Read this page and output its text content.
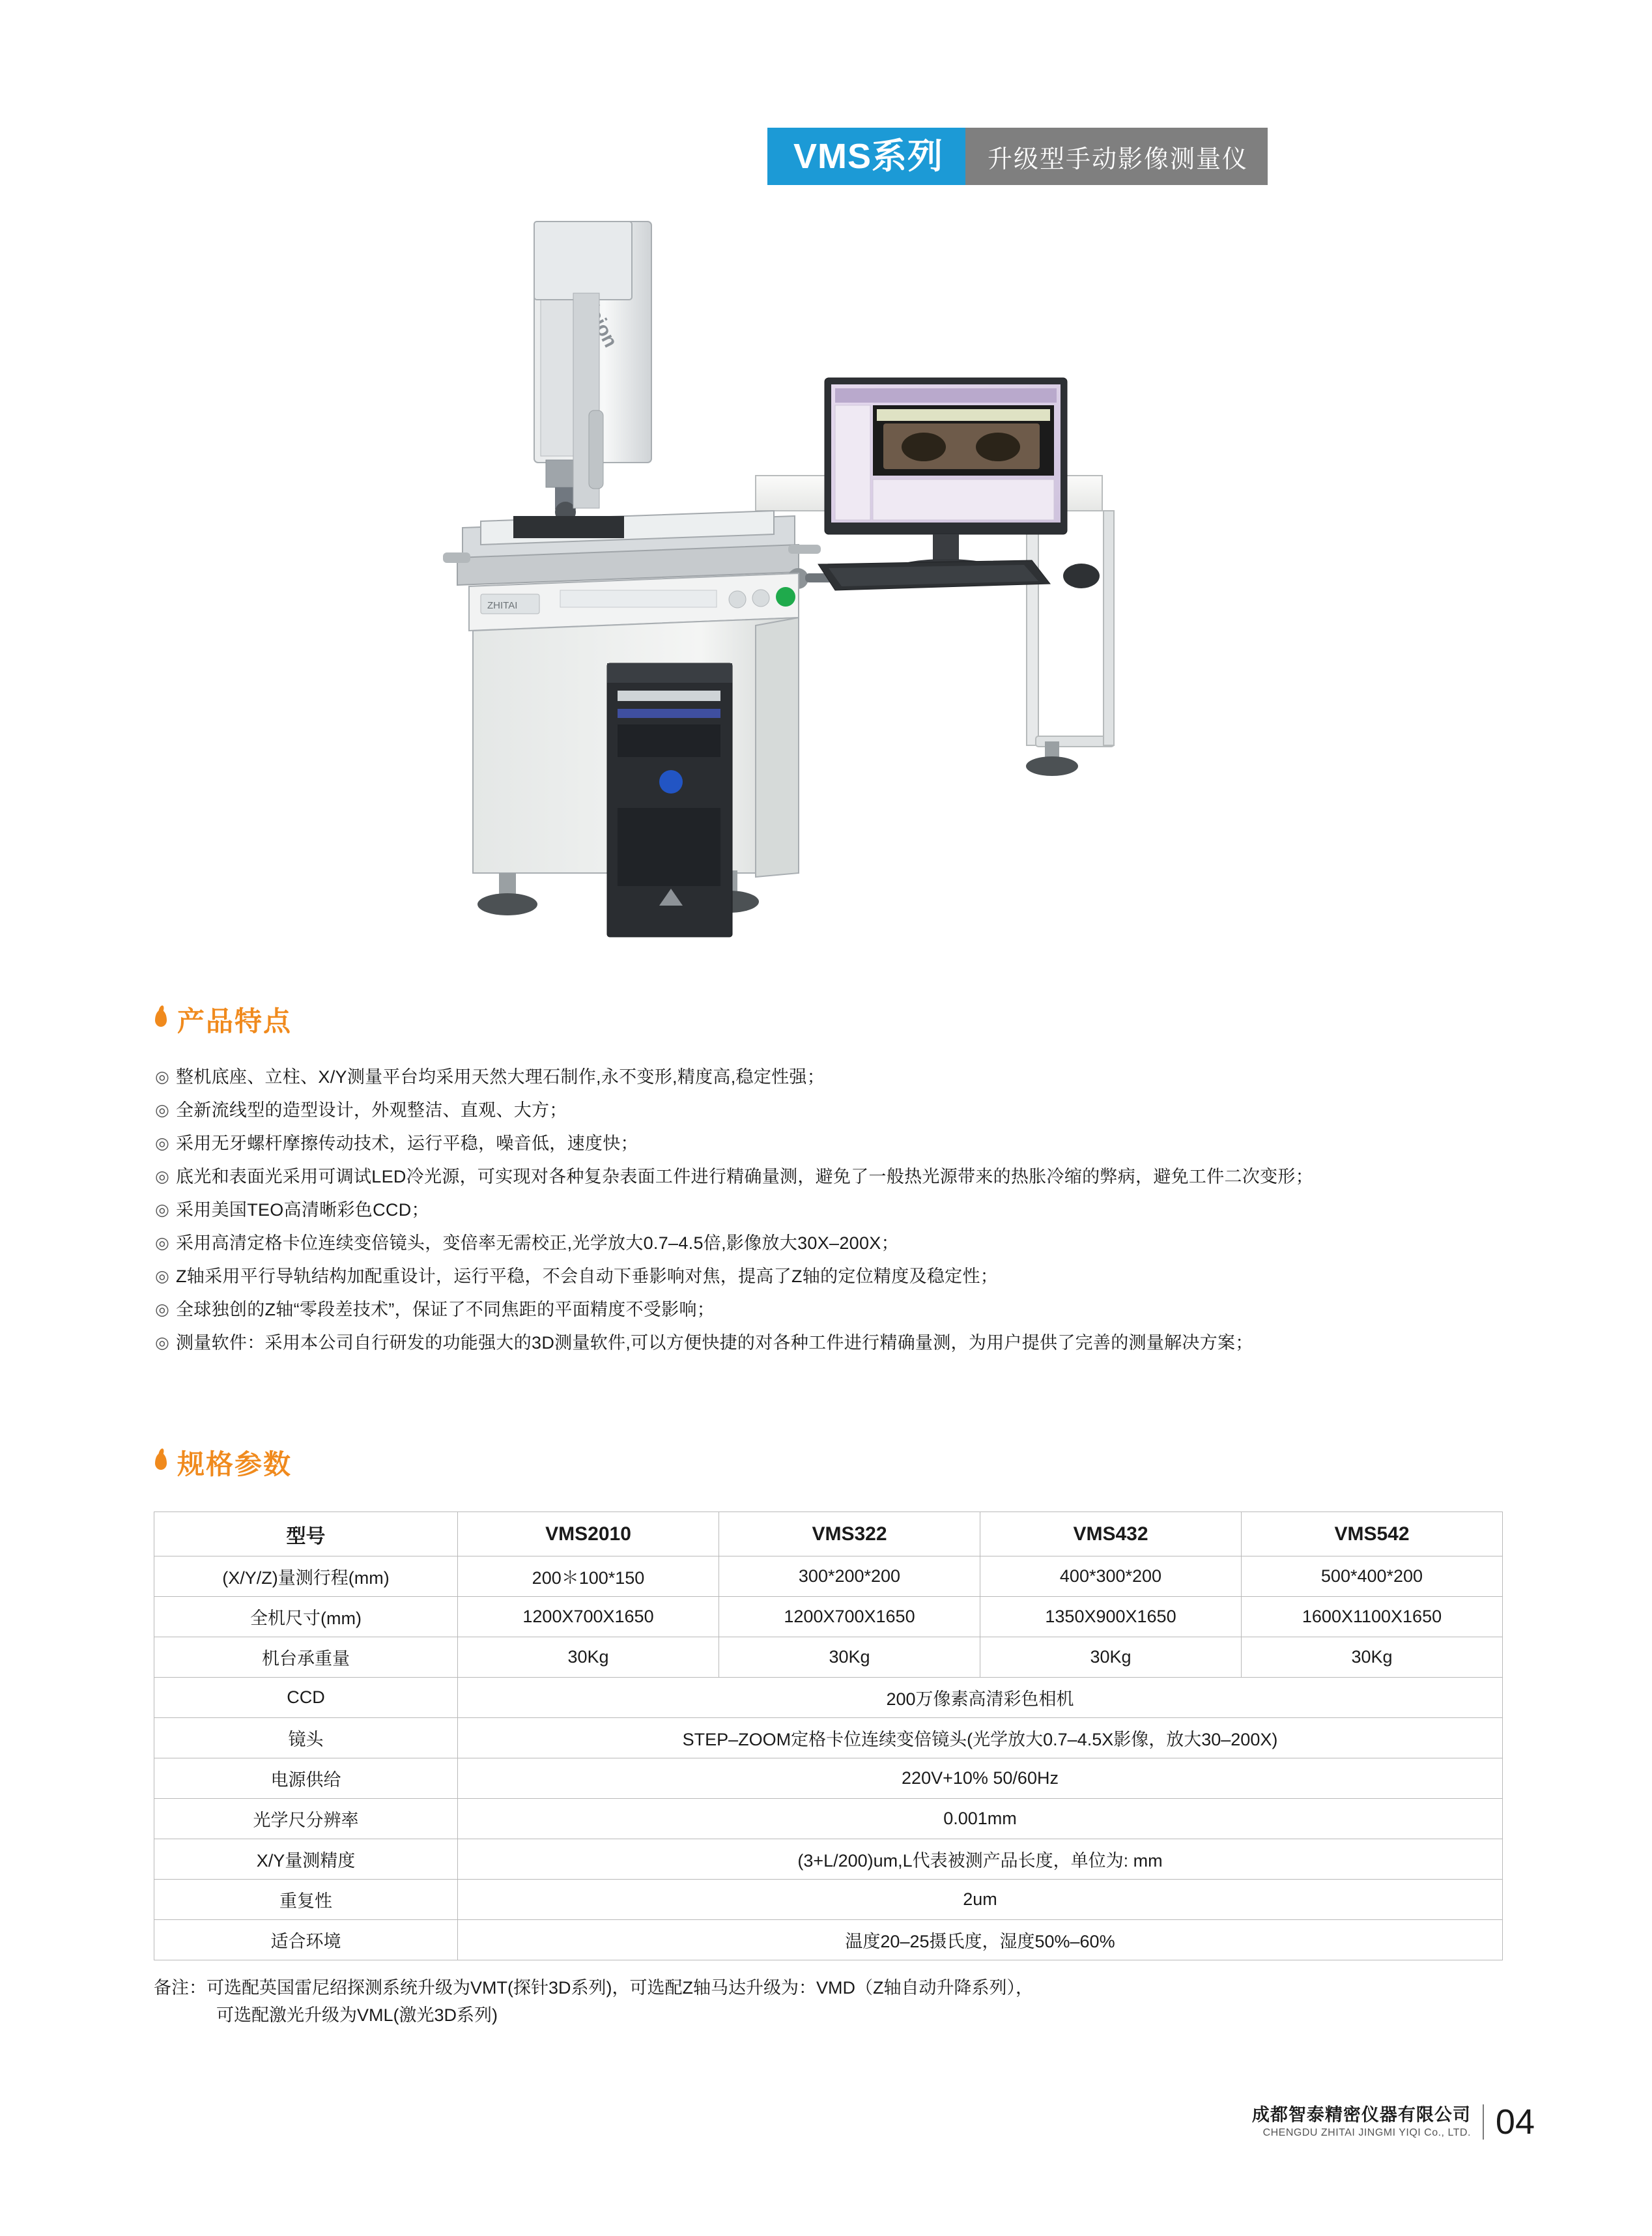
VMS系列	升级型手动影像测量仪
ZHITAI
产品特点
◎ 整机底座、立柱、X/Y测量平台均采用天然大理石制作,永不变形,精度高,稳定性强；
◎ 全新流线型的造型设计，外观整洁、直观、大方；
◎ 采用无牙螺杆摩擦传动技术，运行平稳，噪音低，速度快；
◎ 底光和表面光采用可调试LED冷光源，可实现对各种复杂表面工件进行精确量测，避免了一般热光源带来的热胀冷缩的弊病，避免工件二次变形；
◎ 采用美国TEO高清晰彩色CCD；
◎ 采用高清定格卡位连续变倍镜头，变倍率无需校正,光学放大0.7–4.5倍,影像放大30X–200X；
◎ Z轴采用平行导轨结构加配重设计，运行平稳，不会自动下垂影响对焦，提高了Z轴的定位精度及稳定性；
◎ 全球独创的Z轴“零段差技术”，保证了不同焦距的平面精度不受影响；
◎ 测量软件：采用本公司自行研发的功能强大的3D测量软件,可以方便快捷的对各种工件进行精确量测，为用户提供了完善的测量解决方案；
规格参数
型号	VMS2010	VMS322	VMS432	VMS542
(X/Y/Z)量测行程(mm)	200＊100*150	300*200*200	400*300*200	500*400*200
全机尺寸(mm)	1200X700X1650	1200X700X1650	1350X900X1650	1600X1100X1650
机台承重量	30Kg	30Kg	30Kg	30Kg
CCD	200万像素高清彩色相机			
镜头	STEP–ZOOM定格卡位连续变倍镜头(光学放大0.7–4.5X影像，放大30–200X)			
电源供给	220V+10% 50/60Hz			
光学尺分辨率	0.001mm			
X/Y量测精度	(3+L/200)um,L代表被测产品长度，单位为: mm			
重复性	2um			
适合环境	温度20–25摄氏度，湿度50%–60%			
备注：可选配英国雷尼绍探测系统升级为VMT(探针3D系列)，可选配Z轴马达升级为：VMD（Z轴自动升降系列），
可选配激光升级为VML(激光3D系列)
成都智泰精密仪器有限公司
CHENGDU ZHITAI JINGMI YIQI Co., LTD. 04
